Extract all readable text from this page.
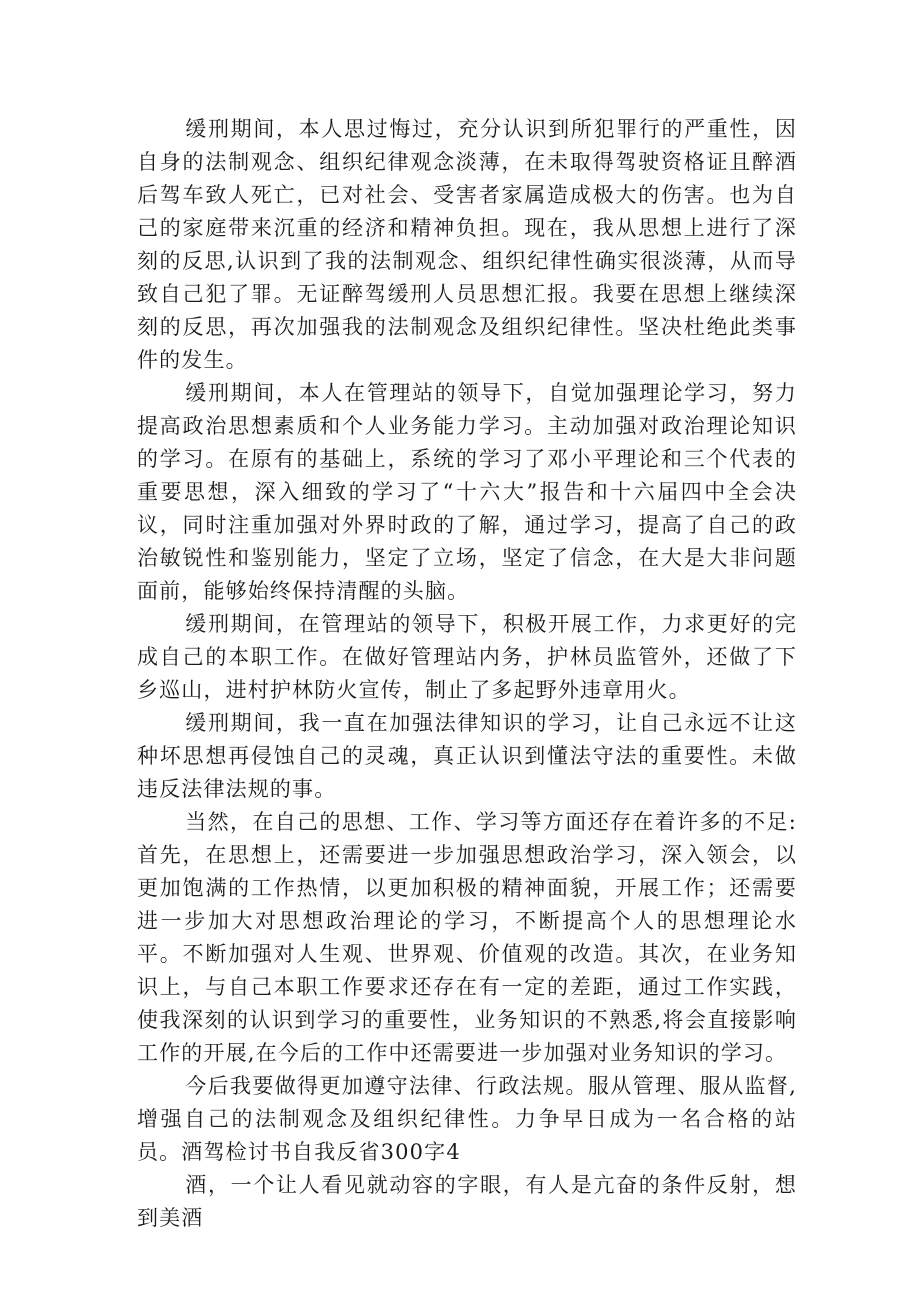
缓刑期间，本人思过悔过，充分认识到所犯罪行的严重性，因自身的法制观念、组织纪律观念淡薄，在未取得驾驶资格证且醉酒后驾车致人死亡，已对社会、受害者家属造成极大的伤害。也为自己的家庭带来沉重的经济和精神负担。现在，我从思想上进行了深刻的反思,认识到了我的法制观念、组织纪律性确实很淡薄，从而导致自己犯了罪。无证醉驾缓刑人员思想汇报。我要在思想上继续深刻的反思，再次加强我的法制观念及组织纪律性。坚决杜绝此类事件的发生。

缓刑期间，本人在管理站的领导下，自觉加强理论学习，努力提高政治思想素质和个人业务能力学习。主动加强对政治理论知识的学习。在原有的基础上，系统的学习了邓小平理论和三个代表的重要思想，深入细致的学习了“十六大”报告和十六届四中全会决议，同时注重加强对外界时政的了解，通过学习，提高了自己的政治敏锐性和鉴别能力，坚定了立场，坚定了信念，在大是大非问题面前，能够始终保持清醒的头脑。

缓刑期间，在管理站的领导下，积极开展工作，力求更好的完成自己的本职工作。在做好管理站内务，护林员监管外，还做了下乡巡山，进村护林防火宣传，制止了多起野外违章用火。

缓刑期间，我一直在加强法律知识的学习，让自己永远不让这种坏思想再侵蚀自己的灵魂，真正认识到懂法守法的重要性。未做违反法律法规的事。

当然，在自己的思想、工作、学习等方面还存在着许多的不足:首先，在思想上，还需要进一步加强思想政治学习，深入领会，以更加饱满的工作热情，以更加积极的精神面貌，开展工作；还需要进一步加大对思想政治理论的学习，不断提高个人的思想理论水平。不断加强对人生观、世界观、价值观的改造。其次，在业务知识上，与自己本职工作要求还存在有一定的差距，通过工作实践，使我深刻的认识到学习的重要性，业务知识的不熟悉,将会直接影响工作的开展,在今后的工作中还需要进一步加强对业务知识的学习。

今后我要做得更加遵守法律、行政法规。服从管理、服从监督,增强自己的法制观念及组织纪律性。力争早日成为一名合格的站员。酒驾检讨书自我反省300字4

酒，一个让人看见就动容的字眼，有人是亢奋的条件反射，想到美酒
